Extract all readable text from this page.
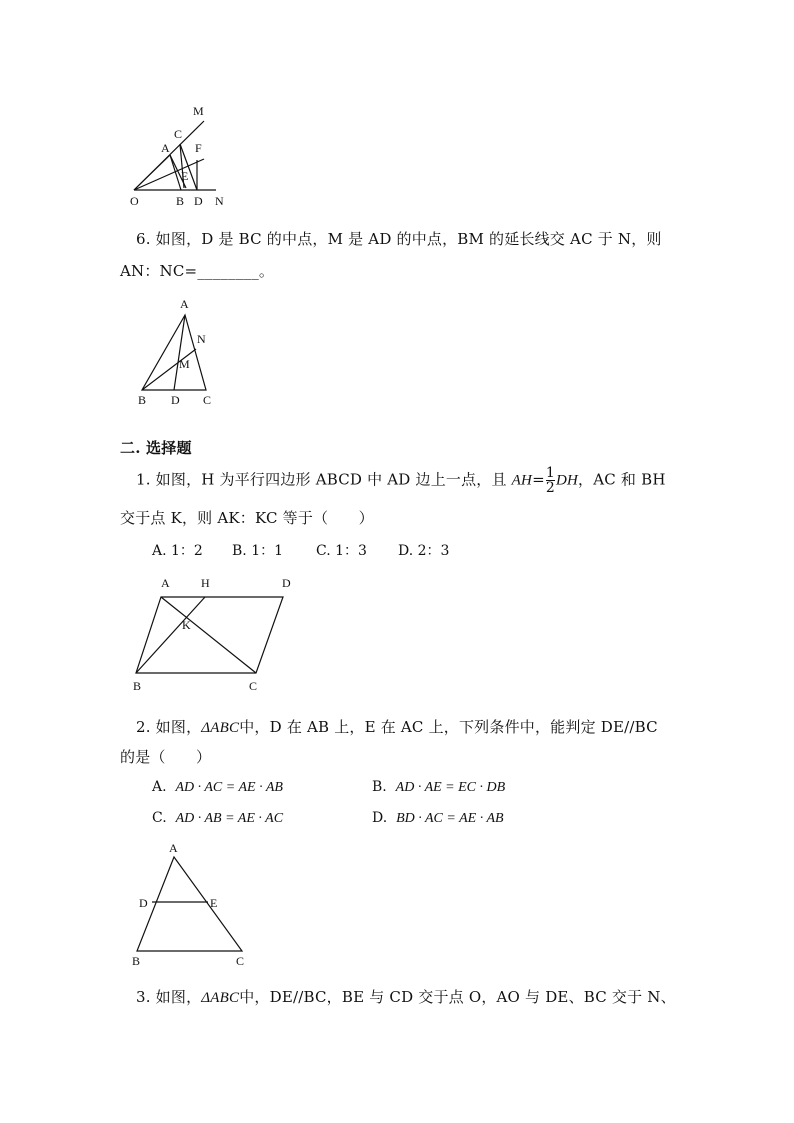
M
C
A F
E
O	B D N
6. 如图，D 是 BC 的中点，M 是 AD 的中点，BM 的延长线交 AC 于 N，则
AN：NC=________。
A
N
M
B D C
二. 选择题
1. 如图，H 为平行四边形 ABCD 中 AD 边上一点，且 $AH= \frac{1}{2}$ DH，AC 和 BH
交于点 K，则 AK：KC 等于（　　）
A. 1：2 B. 1：1 C. 1：3 D. 2：3
A	H	D
K
B	C
2. 如图，ΔABC中，D 在 AB 上，E 在 AC 上，下列条件中，能判定 DE//BC
的是（　　）
A. AD · AC = AE · AB	B. AD · AE = EC · DB
C. AD · AB = AE · AC	D. BD · AC = AE · AB
A
D	E
B	C
3. 如图，ΔABC中，DE//BC，BE 与 CD 交于点 O，AO 与 DE、BC 交于 N、
